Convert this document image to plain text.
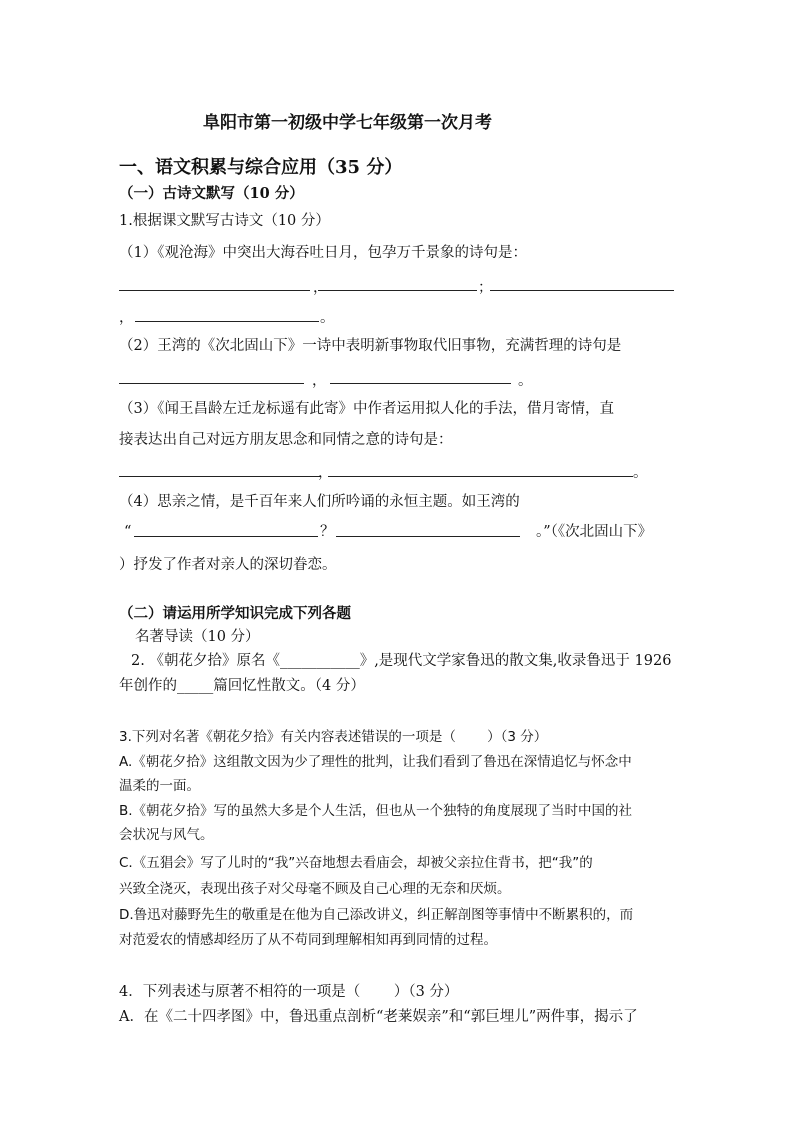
阜阳市第一初级中学七年级第一次月考
一、语文积累与综合应用（35 分）
（一）古诗文默写（10 分）
1.根据课文默写古诗文（10 分）
（1）《观沧海》中突出大海吞吐日月，包孕万千景象的诗句是：
，	；
，	。
（2）王湾的《次北固山下》一诗中表明新事物取代旧事物，充满哲理的诗句是
，	。
（3）《闻王昌龄左迁龙标遥有此寄》中作者运用拟人化的手法，借月寄情，直
接表达出自己对远方朋友思念和同情之意的诗句是：
，	。
（4）思亲之情，是千百年来人们所吟诵的永恒主题。如王湾的
“	？	。”（《次北固山下》
）抒发了作者对亲人的深切眷恋。
（二）请运用所学知识完成下列各题
名著导读（10 分）
2. 《朝花夕拾》原名《___________》,是现代文学家鲁迅的散文集,收录鲁迅于 1926
年创作的_____篇回忆性散文。（4 分）
3.下列对名著《朝花夕拾》有关内容表述错误的一项是（　　 ）（3 分）
A.《朝花夕拾》这组散文因为少了理性的批判，让我们看到了鲁迅在深情追忆与怀念中
温柔的一面。
B.《朝花夕拾》写的虽然大多是个人生活，但也从一个独特的角度展现了当时中国的社
会状况与风气。
C.《五猖会》写了儿时的“我”兴奋地想去看庙会，却被父亲拉住背书，把“我”的
兴致全浇灭，表现出孩子对父母毫不顾及自己心理的无奈和厌烦。
D.鲁迅对藤野先生的敬重是在他为自己添改讲义，纠正解剖图等事情中不断累积的，而
对范爱农的情感却经历了从不苟同到理解相知再到同情的过程。
4．下列表述与原著不相符的一项是（　　 ）（3 分）
A．在《二十四孝图》中，鲁迅重点剖析“老莱娱亲”和“郭巨埋儿”两件事，揭示了
